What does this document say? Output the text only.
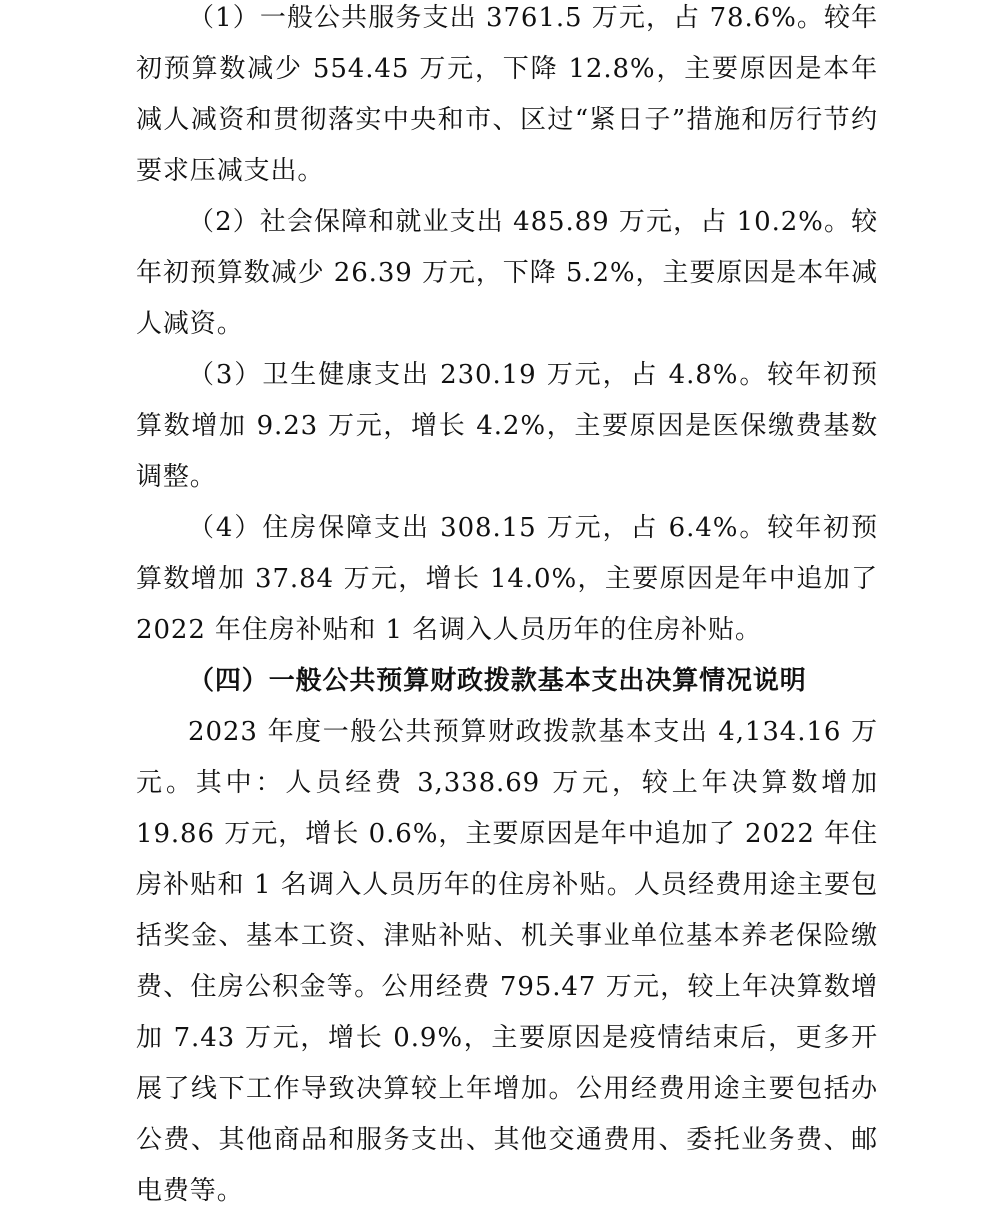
（1）一般公共服务支出 3761.5 万元，占 78.6%。较年初预算数减少 554.45 万元，下降 12.8%，主要原因是本年减人减资和贯彻落实中央和市、区过“紧日子”措施和厉行节约要求压减支出。

（2）社会保障和就业支出 485.89 万元，占 10.2%。较年初预算数减少 26.39 万元，下降 5.2%，主要原因是本年减人减资。

（3）卫生健康支出 230.19 万元，占 4.8%。较年初预算数增加 9.23 万元，增长 4.2%，主要原因是医保缴费基数调整。

（4）住房保障支出 308.15 万元，占 6.4%。较年初预算数增加 37.84 万元，增长 14.0%，主要原因是年中追加了 2022 年住房补贴和 1 名调入人员历年的住房补贴。

（四）一般公共预算财政拨款基本支出决算情况说明

2023 年度一般公共预算财政拨款基本支出 4,134.16 万元。其中：人员经费 3,338.69 万元，较上年决算数增加 19.86 万元，增长 0.6%，主要原因是年中追加了 2022 年住房补贴和 1 名调入人员历年的住房补贴。人员经费用途主要包括奖金、基本工资、津贴补贴、机关事业单位基本养老保险缴费、住房公积金等。公用经费 795.47 万元，较上年决算数增加 7.43 万元，增长 0.9%，主要原因是疫情结束后，更多开展了线下工作导致决算较上年增加。公用经费用途主要包括办公费、其他商品和服务支出、其他交通费用、委托业务费、邮电费等。
